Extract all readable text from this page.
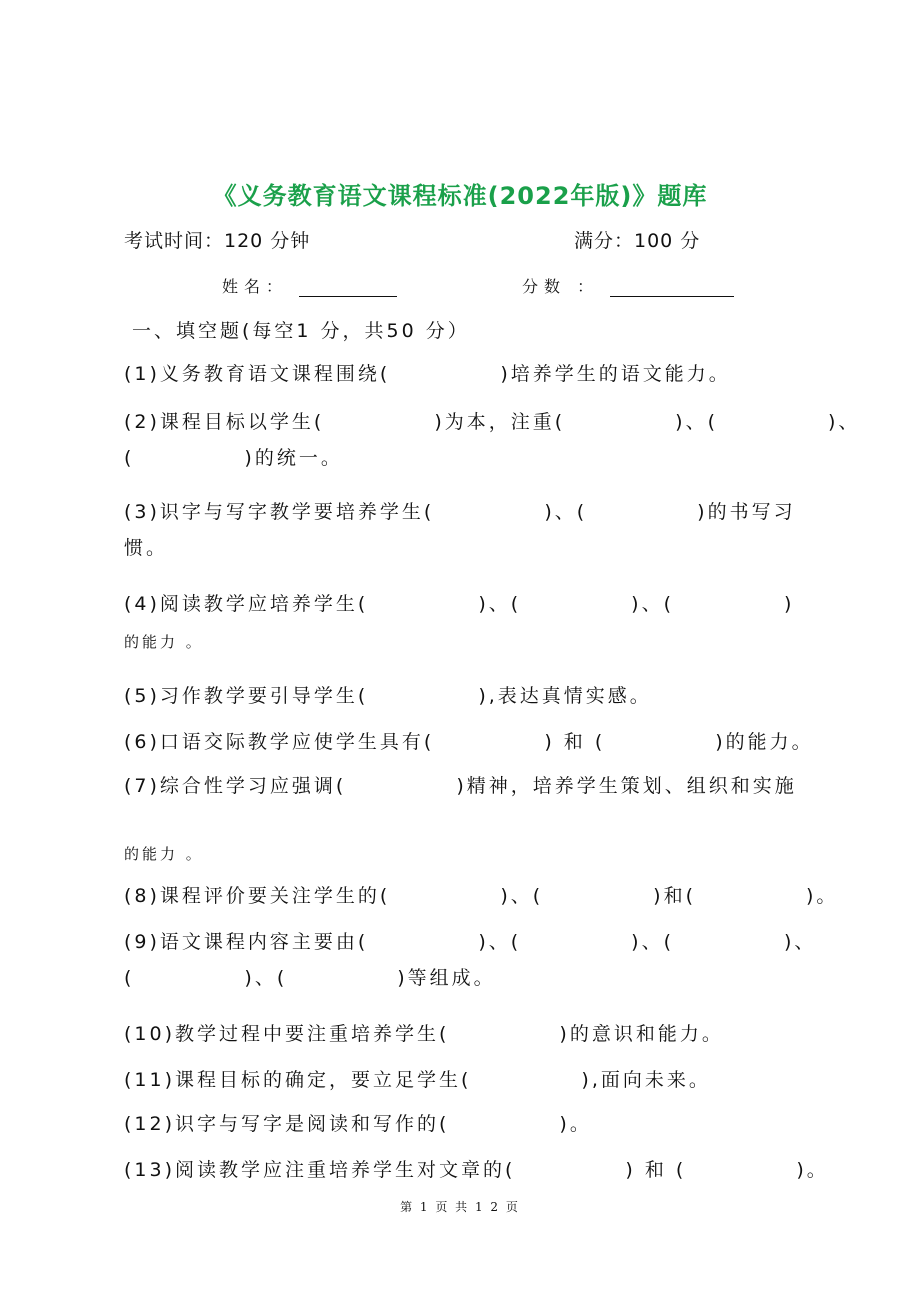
《义务教育语文课程标准(2022年版)》题库
考试时间：120 分钟	满分：100 分
姓名：	分数 ：
一、填空题(每空1 分，共50 分）
(1)义务教育语文课程围绕(　　　　　)培养学生的语文能力。
(2)课程目标以学生(　　　　　)为本，注重(　　　　　)、(　　　　　)、
(　　　　　)的统一。
(3)识字与写字教学要培养学生(　　　　　)、(　　　　　)的书写习
惯。
(4)阅读教学应培养学生(　　　　　)、(　　　　　)、(　　　　　)
的能力 。
(5)习作教学要引导学生(　　　　　),表达真情实感。
(6)口语交际教学应使学生具有(　　　　　) 和 (　　　　　)的能力。
(7)综合性学习应强调(　　　　　)精神，培养学生策划、组织和实施
的能力 。
(8)课程评价要关注学生的(　　　　　)、(　　　　　)和(　　　　　)。
(9)语文课程内容主要由(　　　　　)、(　　　　　)、(　　　　　)、
(　　　　　)、(　　　　　)等组成。
(10)教学过程中要注重培养学生(　　　　　)的意识和能力。
(11)课程目标的确定，要立足学生(　　　　　),面向未来。
(12)识字与写字是阅读和写作的(　　　　　)。
(13)阅读教学应注重培养学生对文章的(　　　　　) 和 (　　　　　)。
第 1 页 共 1 2 页
